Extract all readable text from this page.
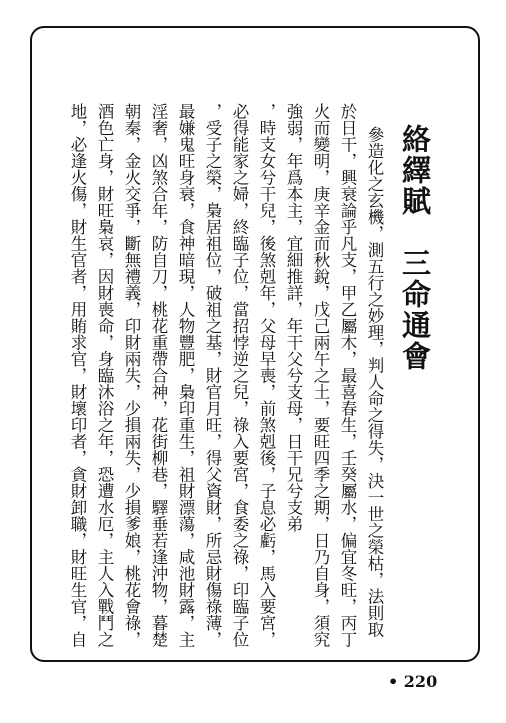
絡繹賦　三命通會
參造化之玄機，測五行之妙理，判人命之得失，決一世之榮枯，法則取
於日干，興衰論乎凡支，甲乙屬木，最喜春生，壬癸屬水，偏宜冬旺，丙丁
火而變明，庚辛金而秋銳，戊己兩午之土，要旺四季之期，日乃自身，須究
強弱，年爲本主，宜細推詳，年干父兮支母，日干兄兮支弟
，時支女兮干兒，後煞剋年，父母早喪，前煞剋後，子息必虧，馬入要宮，
必得能家之婦，終臨子位，當招悖逆之兒，祿入要宮，食委之祿，印臨子位
，受子之榮，梟居祖位，破祖之基，財官月旺，得父資財，所忌財傷祿薄，
最嫌鬼旺身衰，食神暗現，人物豐肥，梟印重生，祖財漂蕩，咸池財露，主
淫奢，凶煞合年，防自刀，桃花重帶合神，花街柳巷，驛垂若逢沖物，暮楚
朝秦，金火交爭，斷無禮義，印財兩失，少損兩失，少損爹娘，桃花會祿，
酒色亡身，財旺梟哀，因財喪命，身臨沐浴之年，恐遭水厄，主人入戰鬥之
地，必逢火傷，財生官者，用賄求官，財壞印者，貪財卸職，財旺生官，自
• 220
